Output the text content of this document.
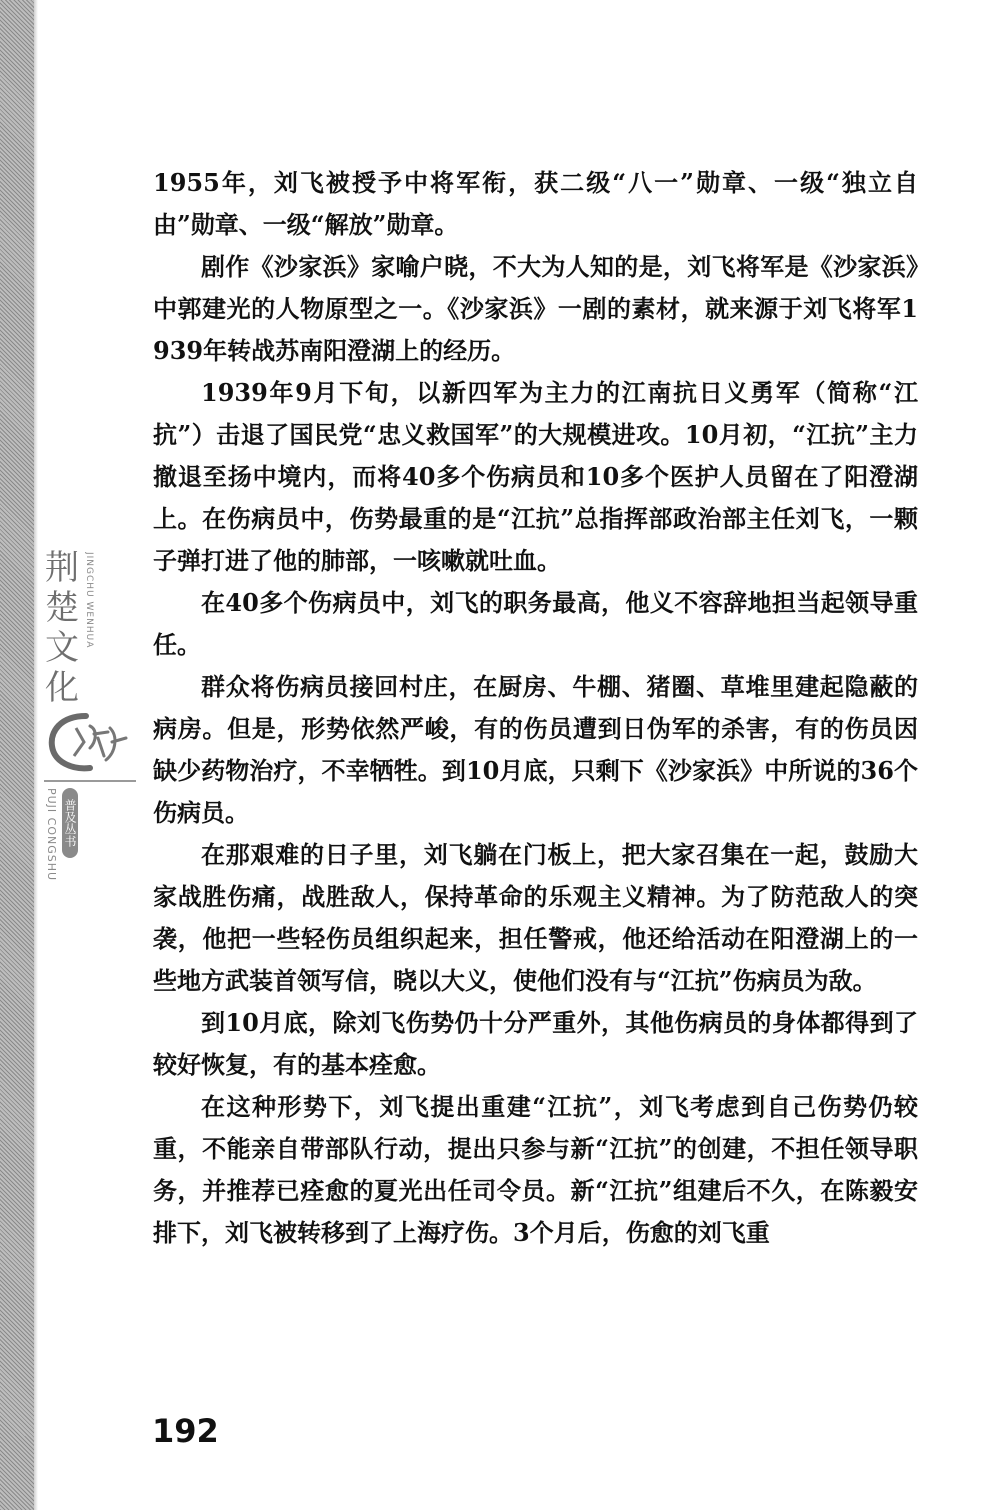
荆
楚
文
化
JINGCHU WENHUA
PUJI CONGSHU 普及丛书

1955年，刘飞被授予中将军衔，获二级“八一”勋章、一级“独立自由”勋章、一级“解放”勋章。

剧作《沙家浜》家喻户晓，不大为人知的是，刘飞将军是《沙家浜》中郭建光的人物原型之一。《沙家浜》一剧的素材，就来源于刘飞将军1939年转战苏南阳澄湖上的经历。

1939年9月下旬，以新四军为主力的江南抗日义勇军（简称“江抗”）击退了国民党“忠义救国军”的大规模进攻。10月初，“江抗”主力撤退至扬中境内，而将40多个伤病员和10多个医护人员留在了阳澄湖上。在伤病员中，伤势最重的是“江抗”总指挥部政治部主任刘飞，一颗子弹打进了他的肺部，一咳嗽就吐血。

在40多个伤病员中，刘飞的职务最高，他义不容辞地担当起领导重任。

群众将伤病员接回村庄，在厨房、牛棚、猪圈、草堆里建起隐蔽的病房。但是，形势依然严峻，有的伤员遭到日伪军的杀害，有的伤员因缺少药物治疗，不幸牺牲。到10月底，只剩下《沙家浜》中所说的36个伤病员。

在那艰难的日子里，刘飞躺在门板上，把大家召集在一起，鼓励大家战胜伤痛，战胜敌人，保持革命的乐观主义精神。为了防范敌人的突袭，他把一些轻伤员组织起来，担任警戒，他还给活动在阳澄湖上的一些地方武装首领写信，晓以大义，使他们没有与“江抗”伤病员为敌。

到10月底，除刘飞伤势仍十分严重外，其他伤病员的身体都得到了较好恢复，有的基本痊愈。

在这种形势下，刘飞提出重建“江抗”，刘飞考虑到自己伤势仍较重，不能亲自带部队行动，提出只参与新“江抗”的创建，不担任领导职务，并推荐已痊愈的夏光出任司令员。新“江抗”组建后不久，在陈毅安排下，刘飞被转移到了上海疗伤。3个月后，伤愈的刘飞重

192
